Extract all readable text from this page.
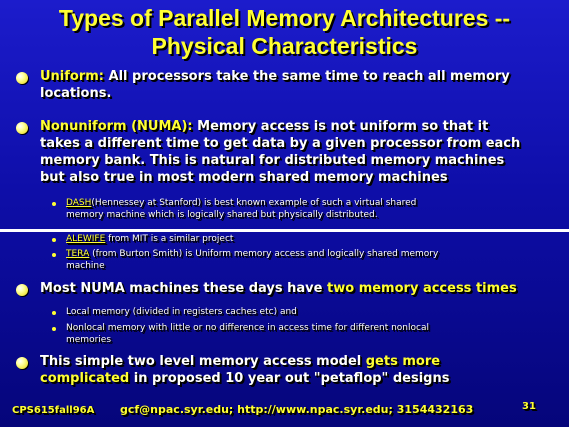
Types of Parallel Memory Architectures --
Physical Characteristics
Uniform: All processors take the same time to reach all memory
locations.
Nonuniform (NUMA): Memory access is not uniform so that it
takes a different time to get data by a given processor from each
memory bank. This is natural for distributed memory machines
but also true in most modern shared memory machines
DASH(Hennessey at Stanford) is best known example of such a virtual shared
memory machine which is logically shared but physically distributed.
ALEWIFE from MIT is a similar project
TERA (from Burton Smith) is Uniform memory access and logically shared memory
machine
Most NUMA machines these days have two memory access times
Local memory (divided in registers caches etc) and
Nonlocal memory with little or no difference in access time for different nonlocal
memories
This simple two level memory access model gets more
complicated in proposed 10 year out "petaflop" designs
CPS615fall96A gcf@npac.syr.edu; http://www.npac.syr.edu; 3154432163	31
